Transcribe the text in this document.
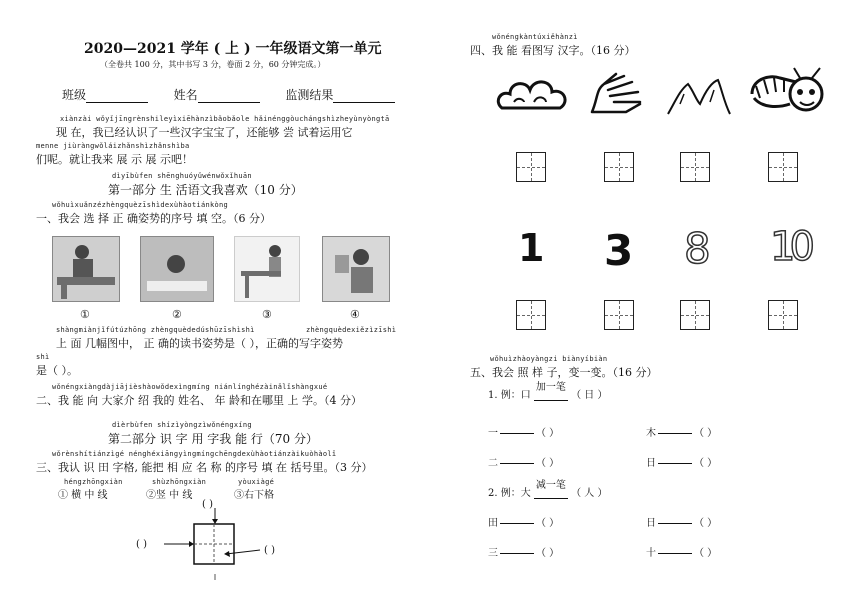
2020—2021 学年 ( 上 ) 一年级语文第一单元
（全卷共 100 分，其中书写 3 分，卷面 2 分，60 分钟完成。）
班级	姓名	监测结果
xiànzài wǒyǐjīngrènshileyìxiēhànzìbǎobǎole hǎinénggòuchángshìzheyùnyòngtā
现 在，我已经认识了一些汉字宝宝了，还能够 尝 试着运用它
menne jiùràngwǒláizhǎnshìzhǎnshìba
们呢。就让我来 展 示 展 示吧！
dìyībùfen shēnghuóyǔwénwǒxǐhuān
第一部分 生 活语文我喜欢（10 分）
wǒhuìxuǎnzézhèngquèzīshìdexùhàotiánkòng
一、我会 选 择 正 确姿势的序号 填 空。（6 分）
①	②	③	④
shàngmiànjǐfútúzhōng zhèngquèdedúshūzīshìshì	zhèngquèdexiězìzīshì
上 面 几幅图中， 正 确的读书姿势是（ ），正确的写字姿势
shì
是（ ）。
wǒnéngxiàngdàjiājièshàowǒdexìngmíng niánlínghézàinǎlǐshàngxué
二、我 能 向 大家介 绍 我的 姓名、 年 龄和在哪里 上 学。（4 分）
dìèrbùfen shízìyòngzìwǒnéngxíng
第二部分 识 字 用 字我 能 行（70 分）
wǒrènshítiánzìgé nénghéxiāngyìngmíngchēngdexùhàotiánzàikuòhàolǐ
三、我认 识 田 字格, 能把 相 应 名 称 的序号 填 在 括号里。（3 分）
héngzhōngxiàn	shùzhōngxiàn	yòuxiàgé
① 横 中 线	②竖 中 线	③右下格
( )
( )
( )
wǒnéngkàntúxiěhànzì
四、我 能 看图写 汉字。（16 分）
1 3 8 10
wǒhuìzhàoyàngzi biànyíbiàn
五、我会 照 样 子，变一变。（16 分）
1. 例：口
加一笔
（ 日 ）
一	（ ）	木	（ ）
二	（ ）	日	（ ）
2. 例：大
减一笔
（ 人 ）
田	（ ）	日	（ ）
三	（ ）	十	（ ）
